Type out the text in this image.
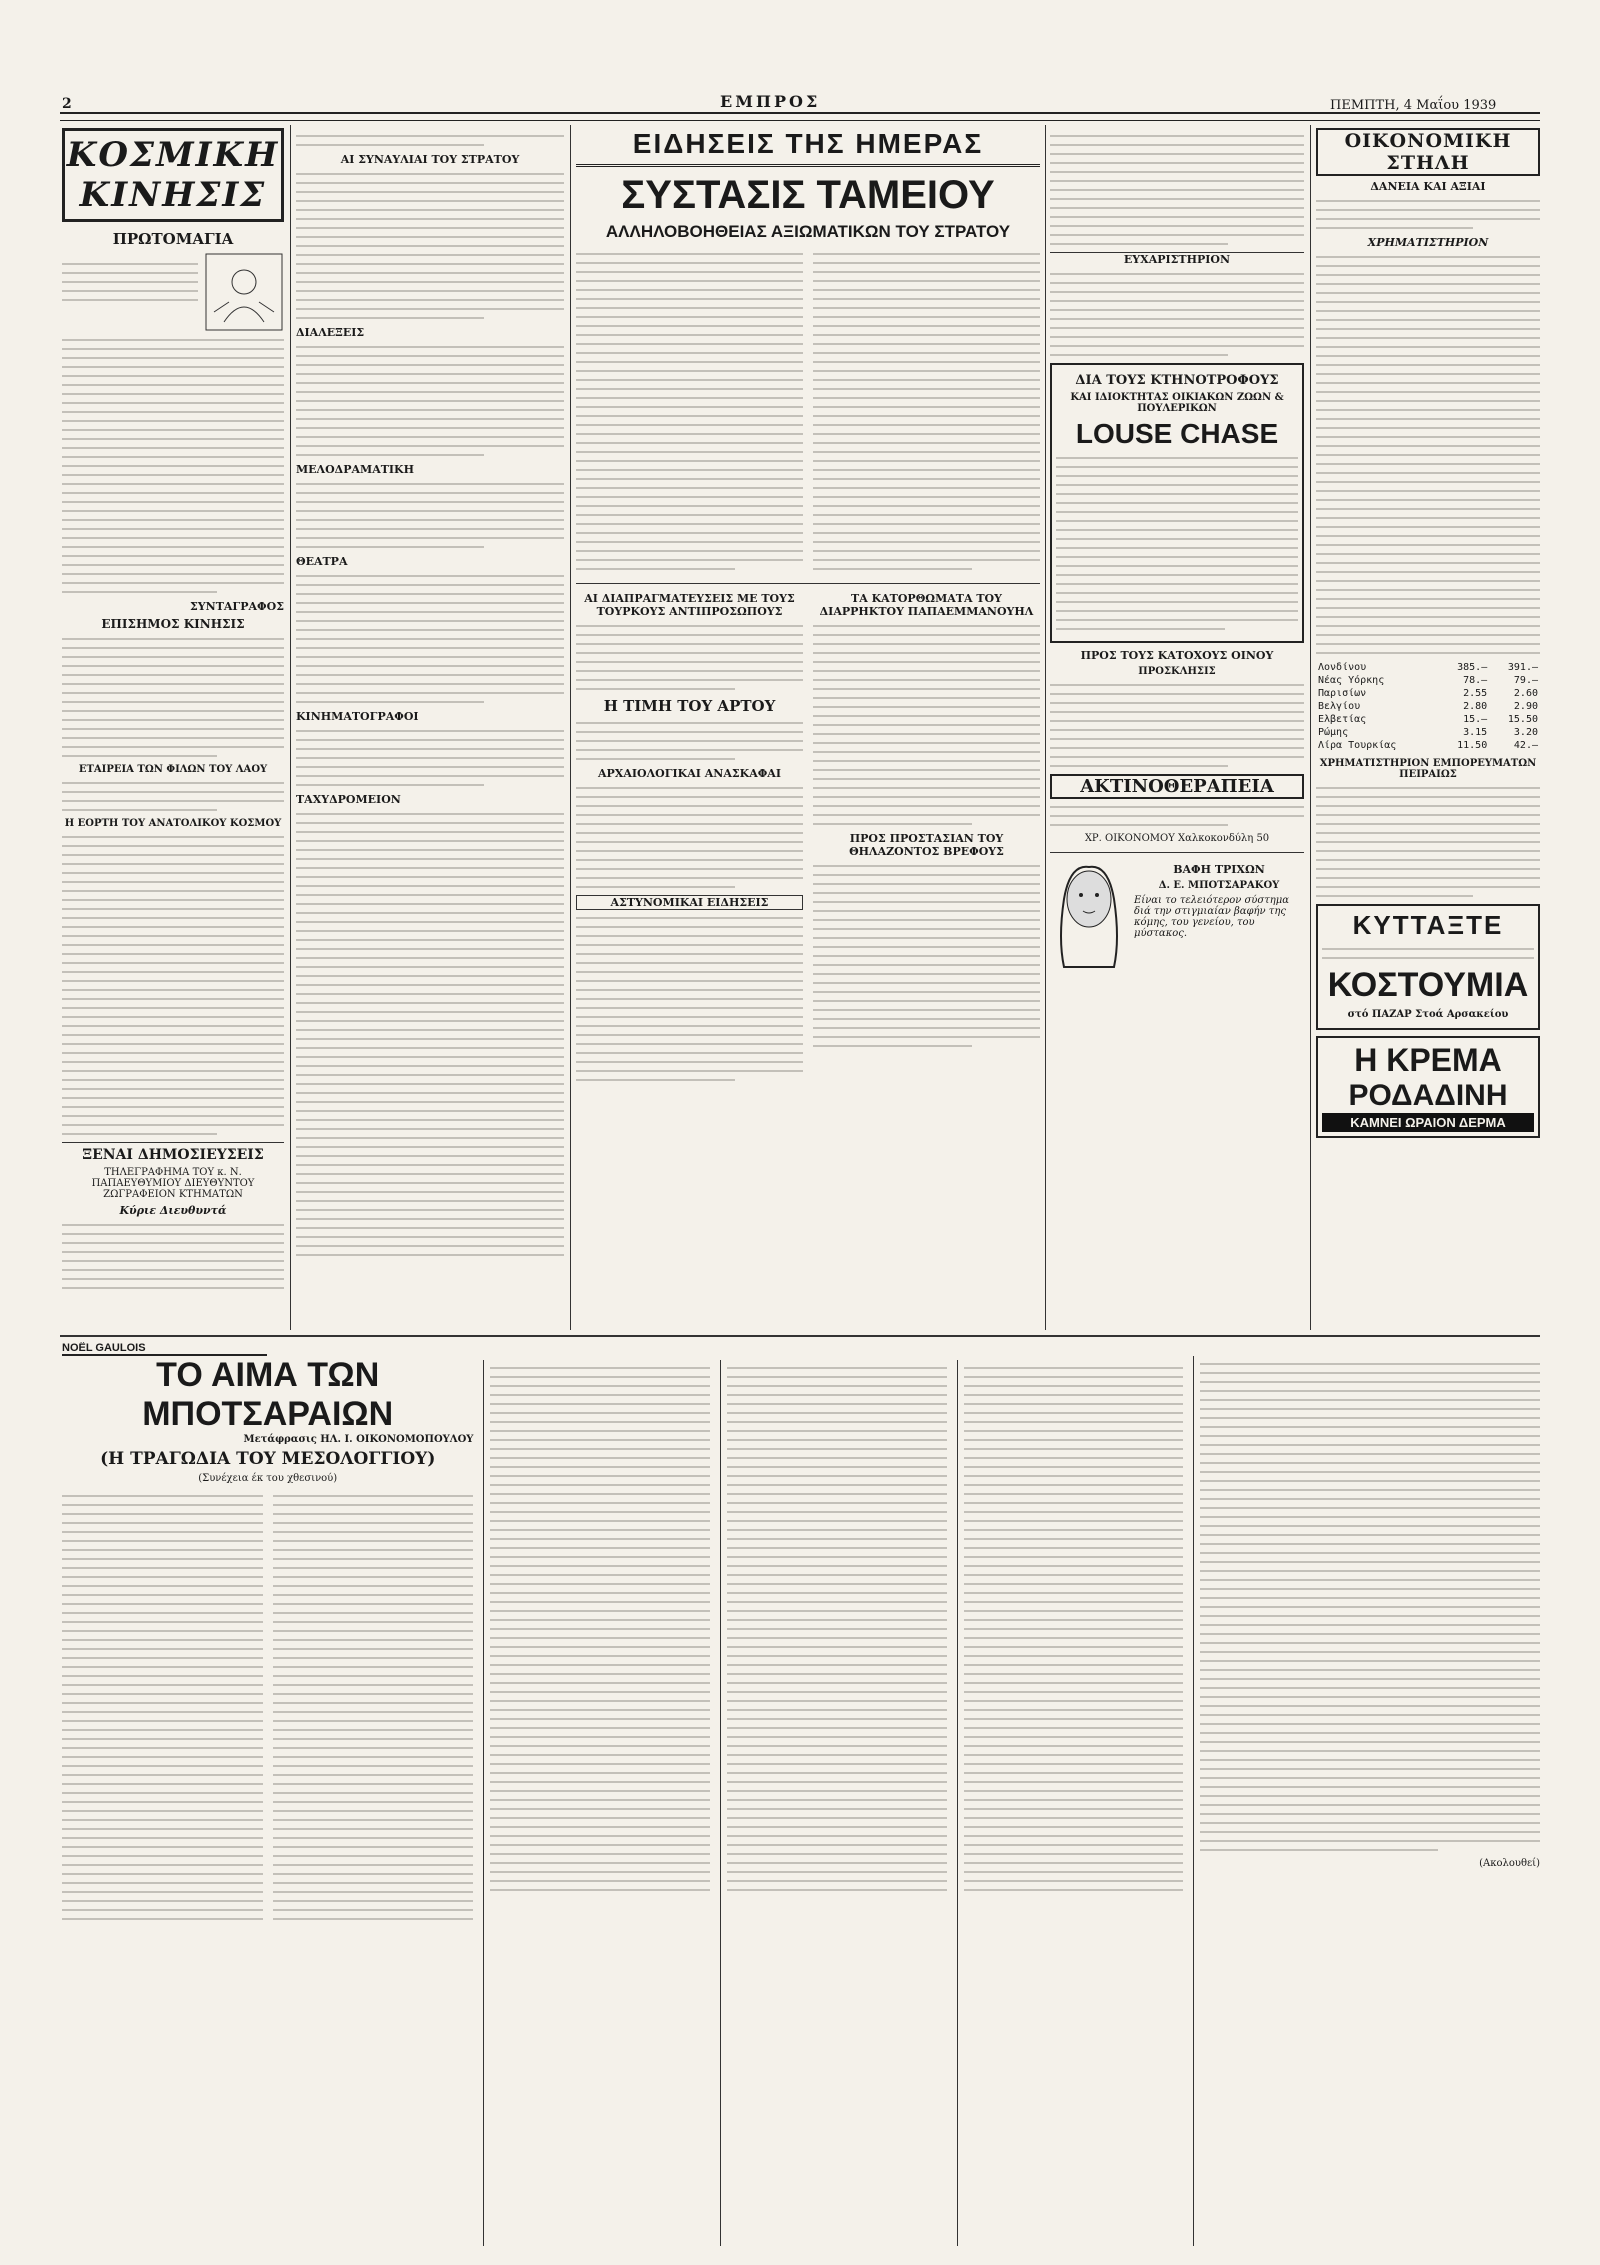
2	ΕΜΠΡΟΣ	ΠΕΜΠΤΗ, 4 Μαΐου 1939
ΚΟΣΜΙΚΗ ΚΙΝΗΣΙΣ
ΠΡΩΤΟΜΑΓΙΑ
ΣΥΝΤΑΓΡΑΦΟΣ
ΕΠΙΣΗΜΟΣ ΚΙΝΗΣΙΣ
ΕΤΑΙΡΕΙΑ ΤΩΝ ΦΙΛΩΝ ΤΟΥ ΛΑΟΥ
Η ΕΟΡΤΗ ΤΟΥ ΑΝΑΤΟΛΙΚΟΥ ΚΟΣΜΟΥ
ΞΕΝΑΙ ΔΗΜΟΣΙΕΥΣΕΙΣ
ΤΗΛΕΓΡΑΦΗΜΑ ΤΟΥ κ. Ν. ΠΑΠΑΕΥΘΥΜΙΟΥ ΔΙΕΥΘΥΝΤΟΥ ΖΩΓΡΑΦΕΙΟΝ ΚΤΗΜΑΤΩΝ
Κύριε Διευθυντά
ΑΙ ΣΥΝΑΥΛΙΑΙ ΤΟΥ ΣΤΡΑΤΟΥ
ΔΙΑΛΕΞΕΙΣ
ΜΕΛΟΔΡΑΜΑΤΙΚΗ
ΘΕΑΤΡΑ
ΚΙΝΗΜΑΤΟΓΡΑΦΟΙ
ΤΑΧΥΔΡΟΜΕΙΟΝ
ΕΙΔΗΣΕΙΣ ΤΗΣ ΗΜΕΡΑΣ
ΣΥΣΤΑΣΙΣ ΤΑΜΕΙΟΥ
ΑΛΛΗΛΟΒΟΗΘΕΙΑΣ ΑΞΙΩΜΑΤΙΚΩΝ ΤΟΥ ΣΤΡΑΤΟΥ
ΑΙ ΔΙΑΠΡΑΓΜΑΤΕΥΣΕΙΣ ΜΕ ΤΟΥΣ ΤΟΥΡΚΟΥΣ ΑΝΤΙΠΡΟΣΩΠΟΥΣ
Η ΤΙΜΗ ΤΟΥ ΑΡΤΟΥ
ΑΡΧΑΙΟΛΟΓΙΚΑΙ ΑΝΑΣΚΑΦΑΙ
ΑΣΤΥΝΟΜΙΚΑΙ ΕΙΔΗΣΕΙΣ
ΤΑ ΚΑΤΟΡΘΩΜΑΤΑ ΤΟΥ ΔΙΑΡΡΗΚΤΟΥ ΠΑΠΑΕΜΜΑΝΟΥΗΛ
ΠΡΟΣ ΠΡΟΣΤΑΣΙΑΝ ΤΟΥ ΘΗΛΑΖΟΝΤΟΣ ΒΡΕΦΟΥΣ
ΕΥΧΑΡΙΣΤΗΡΙΟΝ
ΔΙΑ ΤΟΥΣ ΚΤΗΝΟΤΡΟΦΟΥΣ
ΚΑΙ ΙΔΙΟΚΤΗΤΑΣ ΟΙΚΙΑΚΩΝ ΖΩΩΝ & ΠΟΥΛΕΡΙΚΩΝ
LOUSE CHASE
ΠΡΟΣ ΤΟΥΣ ΚΑΤΟΧΟΥΣ ΟΙΝΟΥ
ΠΡΟΣΚΛΗΣΙΣ
ΑΚΤΙΝΟΘΕΡΑΠΕΙΑ
ΧΡ. ΟΙΚΟΝΟΜΟΥ Χαλκοκονδύλη 50
ΒΑΦΗ ΤΡΙΧΩΝ
Δ. Ε. ΜΠΟΤΣΑΡΑΚΟΥ
Είναι το τελειότερον σύστημα διά την στιγμιαίαν βαφήν της κόμης, του γενείου, του μύστακος.
ΟΙΚΟΝΟΜΙΚΗ ΣΤΗΛΗ
ΔΑΝΕΙΑ ΚΑΙ ΑΞΙΑΙ
ΧΡΗΜΑΤΙΣΤΗΡΙΟΝ
Λονδίνου	385.—	391.—
Νέας Υόρκης	78.—	79.—
Παρισίων	2.55	2.60
Βελγίου	2.80	2.90
Ελβετίας	15.—	15.50
Ρώμης	3.15	3.20
Λίρα Τουρκίας	11.50	42.—
ΧΡΗΜΑΤΙΣΤΗΡΙΟΝ ΕΜΠΟΡΕΥΜΑΤΩΝ ΠΕΙΡΑΙΩΣ
ΚΥΤΤΑΞΤΕ
ΚΟΣΤΟΥΜΙΑ
στό ΠΑΖΑΡ Στοά Αρσακείου
Η ΚΡΕΜΑ
ΡΟΔΑΔΙΝΗ
ΚΑΜΝΕΙ ΩΡΑΙΟΝ ΔΕΡΜΑ
NOËL GAULOIS
ΤΟ ΑΙΜΑ ΤΩΝ ΜΠΟΤΣΑΡΑΙΩΝ
Μετάφρασις ΗΛ. Ι. ΟΙΚΟΝΟΜΟΠΟΥΛΟΥ
(Η ΤΡΑΓΩΔΙΑ ΤΟΥ ΜΕΣΟΛΟΓΓΙΟΥ)
(Συνέχεια έκ του χθεσινού)
(Ακολουθεί)
